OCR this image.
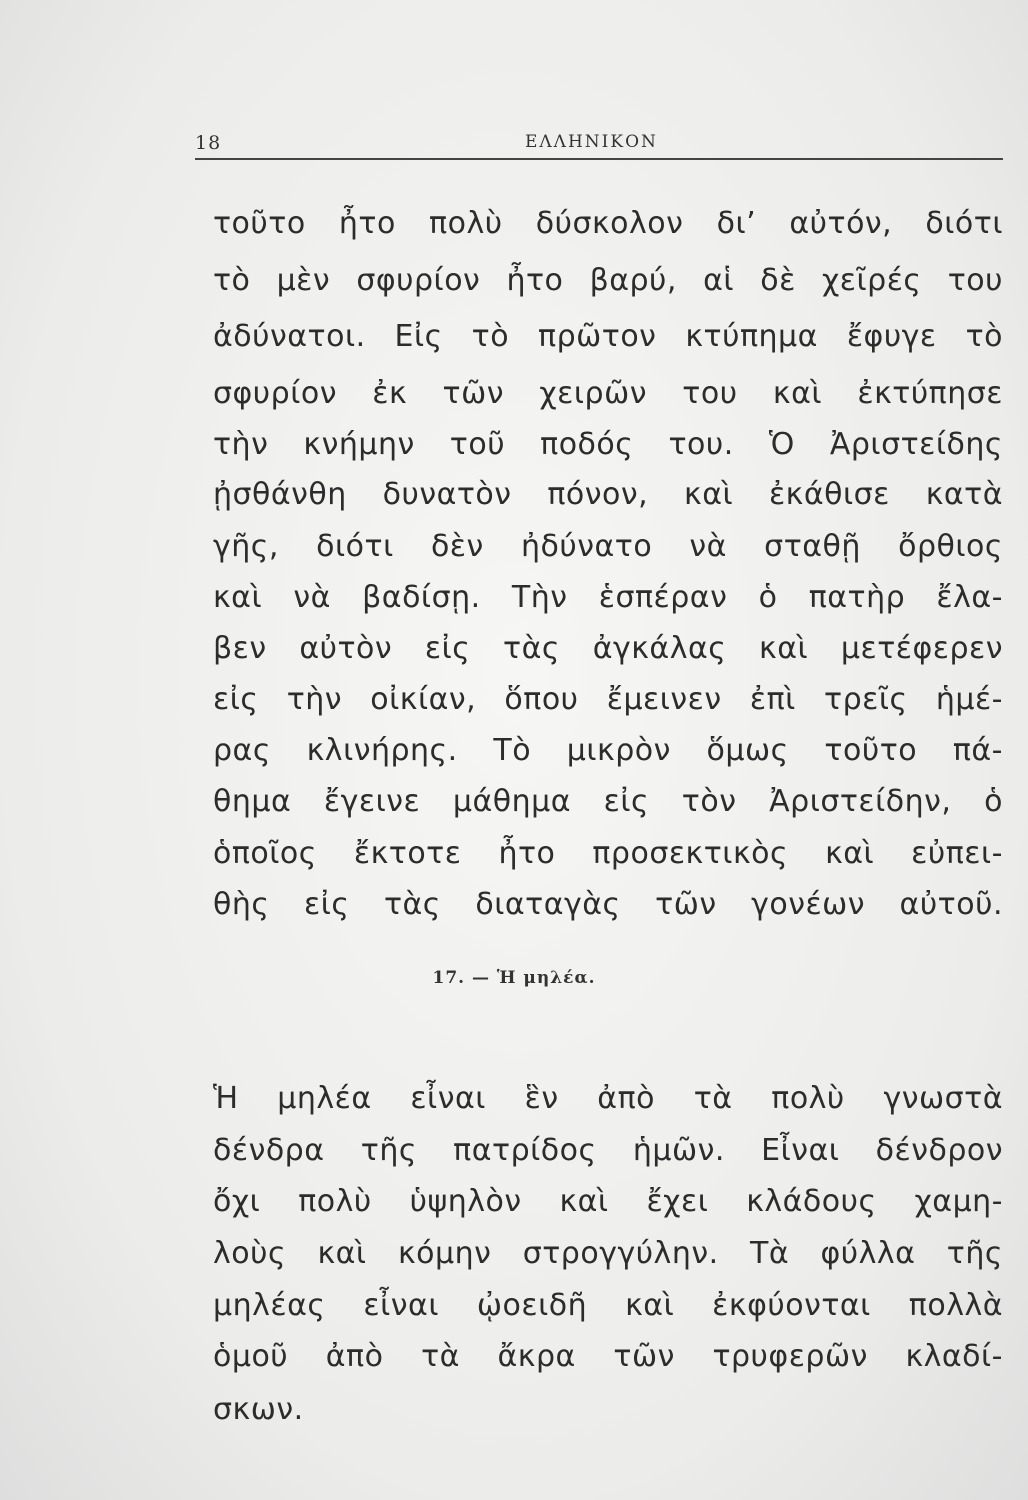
18	ΕΛΛΗΝΙΚΟΝ
τοῦτο ἦτο πολὺ δύσκολον δι’ αὐτόν, διότι
τὸ μὲν σφυρίον ἦτο βαρύ, αἱ δὲ χεῖρές του
ἀδύνατοι. Εἰς τὸ πρῶτον κτύπημα ἔφυγε τὸ
σφυρίον ἐκ τῶν χειρῶν του καὶ ἐκτύπησε
τὴν κνήμην τοῦ ποδός του. Ὁ Ἀριστείδης
ᾐσθάνθη δυνατὸν πόνον, καὶ ἐκάθισε κατὰ
γῆς, διότι δὲν ἠδύνατο νὰ σταθῇ ὄρθιος
καὶ νὰ βαδίσῃ. Τὴν ἑσπέραν ὁ πατὴρ ἔλα-
βεν αὐτὸν εἰς τὰς ἀγκάλας καὶ μετέφερεν
εἰς τὴν οἰκίαν, ὅπου ἔμεινεν ἐπὶ τρεῖς ἡμέ-
ρας κλινήρης. Τὸ μικρὸν ὅμως τοῦτο πά-
θημα ἔγεινε μάθημα εἰς τὸν Ἀριστείδην, ὁ
ὁποῖος ἔκτοτε ἦτο προσεκτικὸς καὶ εὐπει-
θὴς εἰς τὰς διαταγὰς τῶν γονέων αὐτοῦ.
17. — Ἡ μηλέα.
Ἡ μηλέα εἶναι ἓν ἀπὸ τὰ πολὺ γνωστὰ
δένδρα τῆς πατρίδος ἡμῶν. Εἶναι δένδρον
ὄχι πολὺ ὑψηλὸν καὶ ἔχει κλάδους χαμη-
λοὺς καὶ κόμην στρογγύλην. Τὰ φύλλα τῆς
μηλέας εἶναι ᾠοειδῆ καὶ ἐκφύονται πολλὰ
ὁμοῦ ἀπὸ τὰ ἄκρα τῶν τρυφερῶν κλαδί-
σκων.
